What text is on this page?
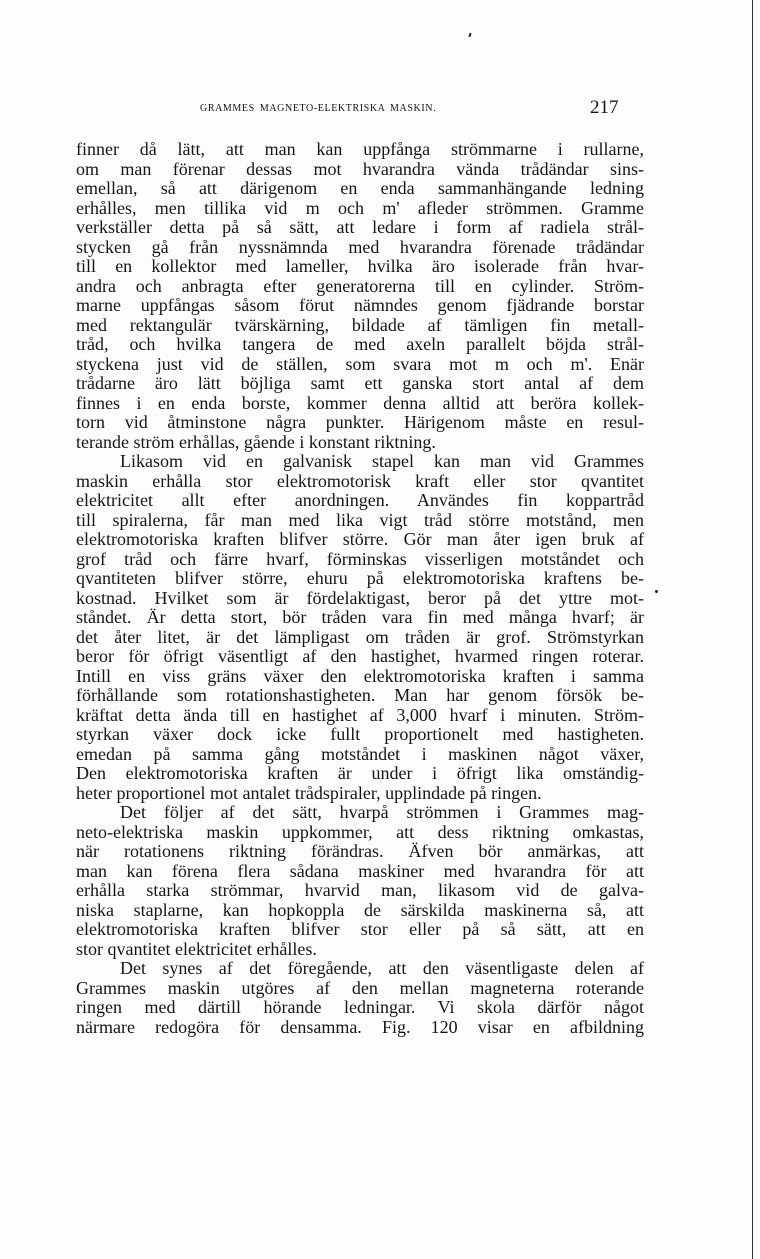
GRAMMES MAGNETO-ELEKTRISKA MASKIN.	217
finner då lätt, att man kan uppfånga strömmarne i rullarne,
om man förenar dessas mot hvarandra vända trådändar sins-
emellan, så att därigenom en enda sammanhängande ledning
erhålles, men tillika vid m och m' afleder strömmen. Gramme
verkställer detta på så sätt, att ledare i form af radiela strål-
stycken gå från nyssnämnda med hvarandra förenade trådändar
till en kollektor med lameller, hvilka äro isolerade från hvar-
andra och anbragta efter generatorerna till en cylinder. Ström-
marne uppfångas såsom förut nämndes genom fjädrande borstar
med rektangulär tvärskärning, bildade af tämligen fin metall-
tråd, och hvilka tangera de med axeln parallelt böjda strål-
styckena just vid de ställen, som svara mot m och m'. Enär
trådarne äro lätt böjliga samt ett ganska stort antal af dem
finnes i en enda borste, kommer denna alltid att beröra kollek-
torn vid åtminstone några punkter. Härigenom måste en resul-
terande ström erhållas, gående i konstant riktning.
Likasom vid en galvanisk stapel kan man vid Grammes
maskin erhålla stor elektromotorisk kraft eller stor qvantitet
elektricitet allt efter anordningen. Användes fin koppartråd
till spiralerna, får man med lika vigt tråd större motstånd, men
elektromotoriska kraften blifver större. Gör man åter igen bruk af
grof tråd och färre hvarf, förminskas visserligen motståndet och
qvantiteten blifver större, ehuru på elektromotoriska kraftens be-
kostnad. Hvilket som är fördelaktigast, beror på det yttre mot-
ståndet. Är detta stort, bör tråden vara fin med många hvarf; är
det åter litet, är det lämpligast om tråden är grof. Strömstyrkan
beror för öfrigt väsentligt af den hastighet, hvarmed ringen roterar.
Intill en viss gräns växer den elektromotoriska kraften i samma
förhållande som rotationshastigheten. Man har genom försök be-
kräftat detta ända till en hastighet af 3,000 hvarf i minuten. Ström-
styrkan växer dock icke fullt proportionelt med hastigheten.
emedan på samma gång motståndet i maskinen något växer,
Den elektromotoriska kraften är under i öfrigt lika omständig-
heter proportionel mot antalet trådspiraler, upplindade på ringen.
Det följer af det sätt, hvarpå strömmen i Grammes mag-
neto-elektriska maskin uppkommer, att dess riktning omkastas,
när rotationens riktning förändras. Äfven bör anmärkas, att
man kan förena flera sådana maskiner med hvarandra för att
erhålla starka strömmar, hvarvid man, likasom vid de galva-
niska staplarne, kan hopkoppla de särskilda maskinerna så, att
elektromotoriska kraften blifver stor eller på så sätt, att en
stor qvantitet elektricitet erhålles.
Det synes af det föregående, att den väsentligaste delen af
Grammes maskin utgöres af den mellan magneterna roterande
ringen med därtill hörande ledningar. Vi skola därför något
närmare redogöra för densamma. Fig. 120 visar en afbildning
